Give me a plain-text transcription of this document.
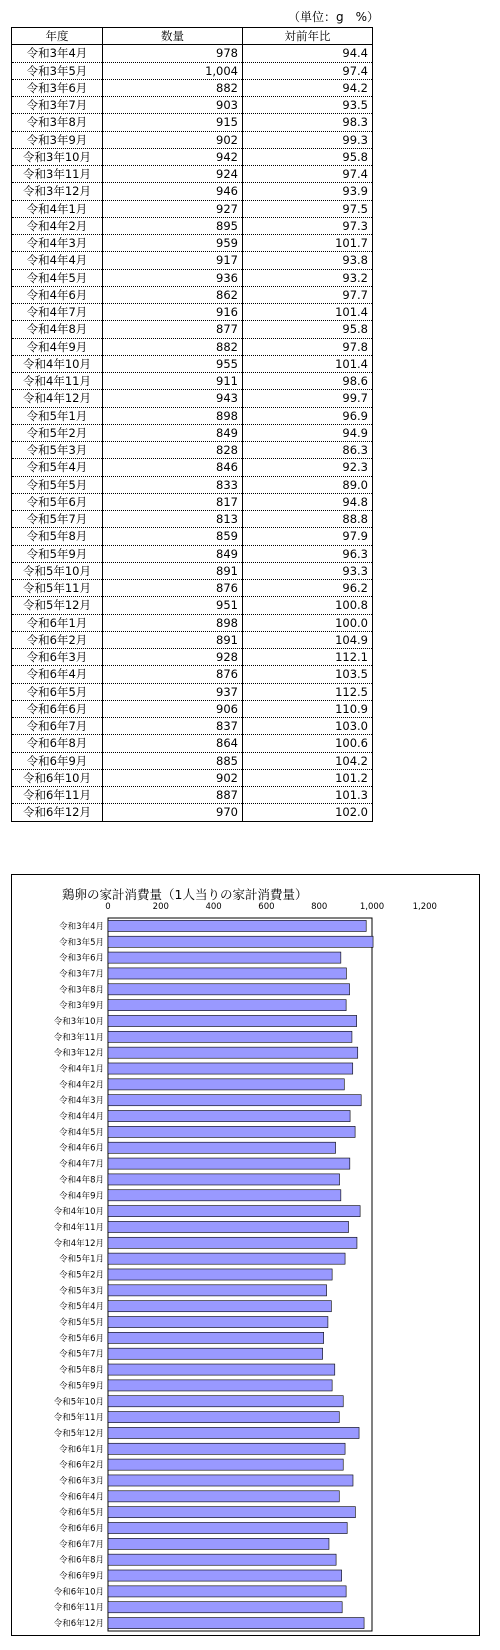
（単位：g　%）
年度	数量	対前年比
令和3年4月	978	94.4
令和3年5月	1,004	97.4
令和3年6月	882	94.2
令和3年7月	903	93.5
令和3年8月	915	98.3
令和3年9月	902	99.3
令和3年10月	942	95.8
令和3年11月	924	97.4
令和3年12月	946	93.9
令和4年1月	927	97.5
令和4年2月	895	97.3
令和4年3月	959	101.7
令和4年4月	917	93.8
令和4年5月	936	93.2
令和4年6月	862	97.7
令和4年7月	916	101.4
令和4年8月	877	95.8
令和4年9月	882	97.8
令和4年10月	955	101.4
令和4年11月	911	98.6
令和4年12月	943	99.7
令和5年1月	898	96.9
令和5年2月	849	94.9
令和5年3月	828	86.3
令和5年4月	846	92.3
令和5年5月	833	89.0
令和5年6月	817	94.8
令和5年7月	813	88.8
令和5年8月	859	97.9
令和5年9月	849	96.3
令和5年10月	891	93.3
令和5年11月	876	96.2
令和5年12月	951	100.8
令和6年1月	898	100.0
令和6年2月	891	104.9
令和6年3月	928	112.1
令和6年4月	876	103.5
令和6年5月	937	112.5
令和6年6月	906	110.9
令和6年7月	837	103.0
令和6年8月	864	100.6
令和6年9月	885	104.2
令和6年10月	902	101.2
令和6年11月	887	101.3
令和6年12月	970	102.0
鶏卵の家計消費量（1人当りの家計消費量）
0	200	400	600	800	1,000	1,200
令和3年4月
令和3年5月
令和3年6月
令和3年7月
令和3年8月
令和3年9月
令和3年10月
令和3年11月
令和3年12月
令和4年1月
令和4年2月
令和4年3月
令和4年4月
令和4年5月
令和4年6月
令和4年7月
令和4年8月
令和4年9月
令和4年10月
令和4年11月
令和4年12月
令和5年1月
令和5年2月
令和5年3月
令和5年4月
令和5年5月
令和5年6月
令和5年7月
令和5年8月
令和5年9月
令和5年10月
令和5年11月
令和5年12月
令和6年1月
令和6年2月
令和6年3月
令和6年4月
令和6年5月
令和6年6月
令和6年7月
令和6年8月
令和6年9月
令和6年10月
令和6年11月
令和6年12月
